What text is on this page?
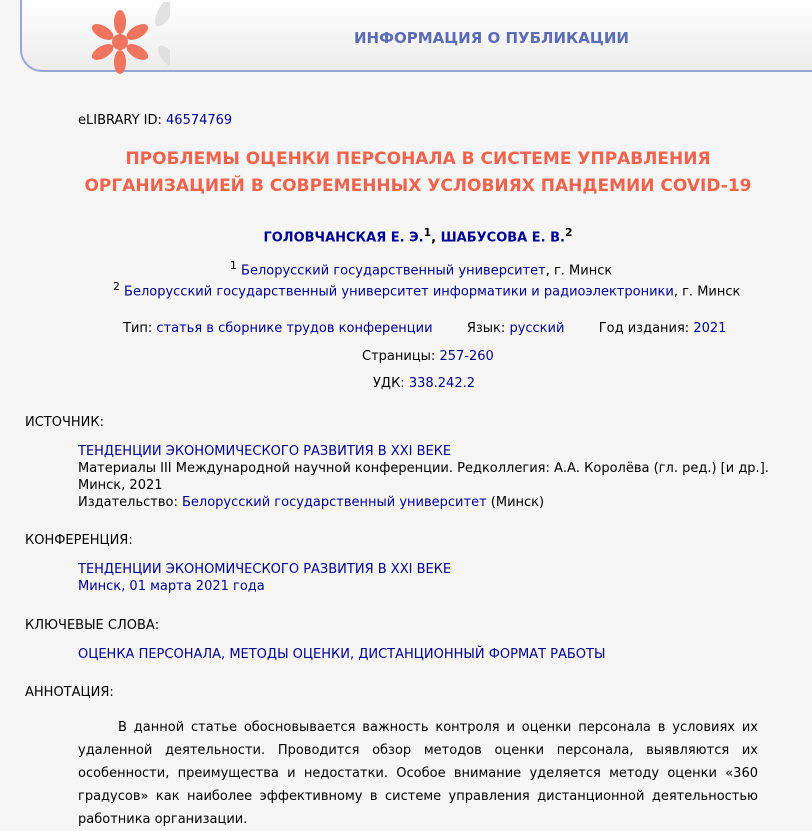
ИНФОРМАЦИЯ О ПУБЛИКАЦИИ
eLIBRARY ID: 46574769
ПРОБЛЕМЫ ОЦЕНКИ ПЕРСОНАЛА В СИСТЕМЕ УПРАВЛЕНИЯ
ОРГАНИЗАЦИЕЙ В СОВРЕМЕННЫХ УСЛОВИЯХ ПАНДЕМИИ COVID-19
ГОЛОВЧАНСКАЯ Е. Э.$^1$, ШАБУСОВА Е. В.$^2$
$^1$ Белорусский государственный университет, г. Минск
$^2$ Белорусский государственный университет информатики и радиоэлектроники, г. Минск
Тип: статья в сборнике трудов конференции	Язык: русский	Год издания: 2021
Страницы: 257-260
УДК: 338.242.2
ИСТОЧНИК:
ТЕНДЕНЦИИ ЭКОНОМИЧЕСКОГО РАЗВИТИЯ В XXI ВЕКЕ
Материалы III Международной научной конференции. Редколлегия: А.А. Королёва (гл. ред.) [и др.].
Минск, 2021
Издательство: Белорусский государственный университет (Минск)
КОНФЕРЕНЦИЯ:
ТЕНДЕНЦИИ ЭКОНОМИЧЕСКОГО РАЗВИТИЯ В XXI ВЕКЕ
Минск, 01 марта 2021 года
КЛЮЧЕВЫЕ СЛОВА:
ОЦЕНКА ПЕРСОНАЛА, МЕТОДЫ ОЦЕНКИ, ДИСТАНЦИОННЫЙ ФОРМАТ РАБОТЫ
АННОТАЦИЯ:
В данной статье обосновывается важность контроля и оценки персонала в условиях их удаленной деятельности. Проводится обзор методов оценки персонала, выявляются их особенности, преимущества и недостатки. Особое внимание уделяется методу оценки «360 градусов» как наиболее эффективному в системе управления дистанционной деятельностью работника организации.
